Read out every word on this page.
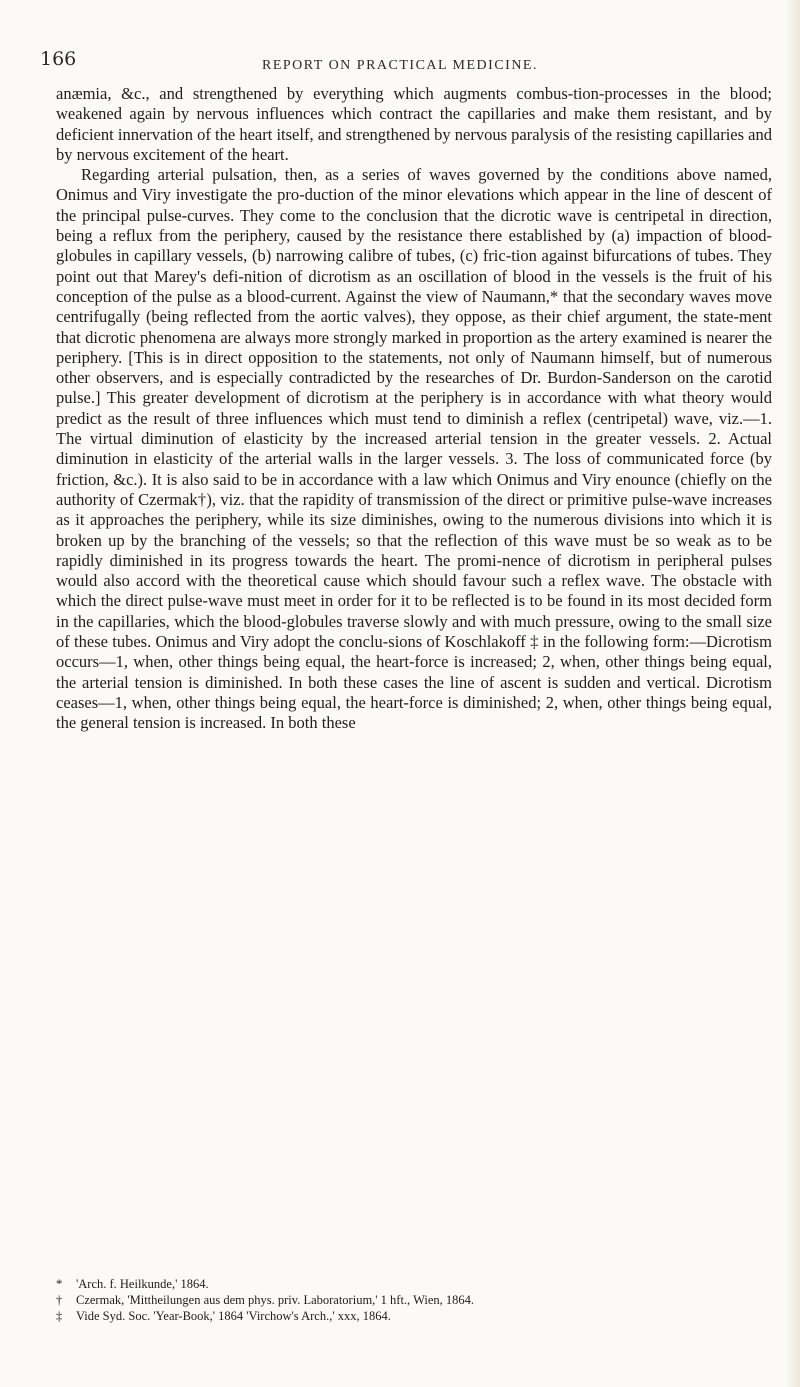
166	REPORT ON PRACTICAL MEDICINE.

anæmia, &c., and strengthened by everything which augments combus-tion-processes in the blood; weakened again by nervous influences which contract the capillaries and make them resistant, and by deficient innervation of the heart itself, and strengthened by nervous paralysis of the resisting capillaries and by nervous excitement of the heart.

Regarding arterial pulsation, then, as a series of waves governed by the conditions above named, Onimus and Viry investigate the pro-duction of the minor elevations which appear in the line of descent of the principal pulse-curves. They come to the conclusion that the dicrotic wave is centripetal in direction, being a reflux from the periphery, caused by the resistance there established by (a) impaction of blood-globules in capillary vessels, (b) narrowing calibre of tubes, (c) fric-tion against bifurcations of tubes. They point out that Marey's defi-nition of dicrotism as an oscillation of blood in the vessels is the fruit of his conception of the pulse as a blood-current. Against the view of Naumann,* that the secondary waves move centrifugally (being reflected from the aortic valves), they oppose, as their chief argument, the state-ment that dicrotic phenomena are always more strongly marked in proportion as the artery examined is nearer the periphery. [This is in direct opposition to the statements, not only of Naumann himself, but of numerous other observers, and is especially contradicted by the researches of Dr. Burdon-Sanderson on the carotid pulse.] This greater development of dicrotism at the periphery is in accordance with what theory would predict as the result of three influences which must tend to diminish a reflex (centripetal) wave, viz.—1. The virtual diminution of elasticity by the increased arterial tension in the greater vessels. 2. Actual diminution in elasticity of the arterial walls in the larger vessels. 3. The loss of communicated force (by friction, &c.). It is also said to be in accordance with a law which Onimus and Viry enounce (chiefly on the authority of Czermak†), viz. that the rapidity of transmission of the direct or primitive pulse-wave increases as it approaches the periphery, while its size diminishes, owing to the numerous divisions into which it is broken up by the branching of the vessels; so that the reflection of this wave must be so weak as to be rapidly diminished in its progress towards the heart. The promi-nence of dicrotism in peripheral pulses would also accord with the theoretical cause which should favour such a reflex wave. The obstacle with which the direct pulse-wave must meet in order for it to be reflected is to be found in its most decided form in the capillaries, which the blood-globules traverse slowly and with much pressure, owing to the small size of these tubes. Onimus and Viry adopt the conclu-sions of Koschlakoff ‡ in the following form:—Dicrotism occurs—1, when, other things being equal, the heart-force is increased; 2, when, other things being equal, the arterial tension is diminished. In both these cases the line of ascent is sudden and vertical. Dicrotism ceases—1, when, other things being equal, the heart-force is diminished; 2, when, other things being equal, the general tension is increased. In both these

* 'Arch. f. Heilkunde,' 1864.

† Czermak, 'Mittheilungen aus dem phys. priv. Laboratorium,' 1 hft., Wien, 1864.

‡ Vide Syd. Soc. 'Year-Book,' 1864 'Virchow's Arch.,' xxx, 1864.
